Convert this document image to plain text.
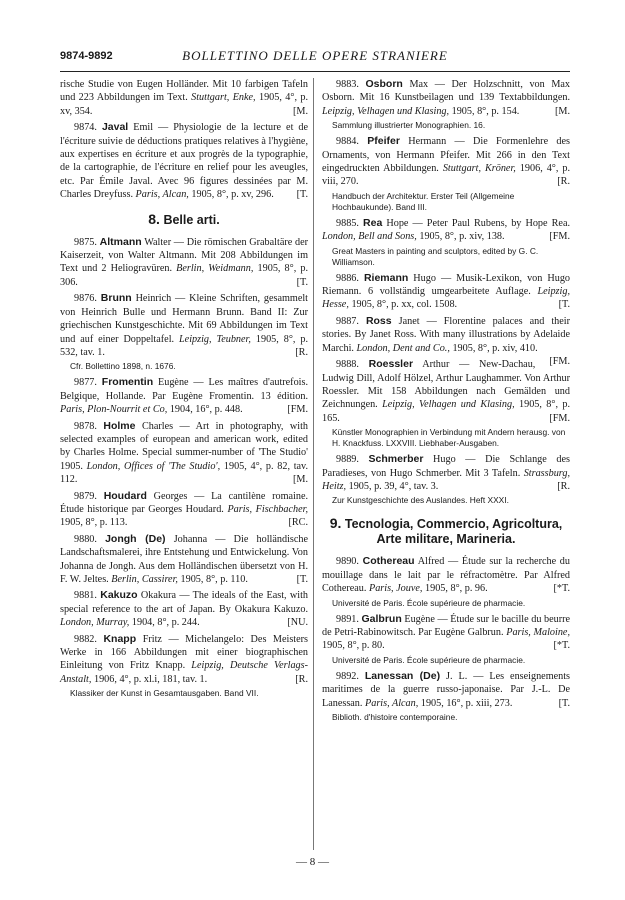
9874-9892	BOLLETTINO DELLE OPERE STRANIERE
rische Studie von Eugen Holländer. Mit 10 farbigen Tafeln und 223 Abbildungen im Text. Stuttgart, Enke, 1905, 4°, p. xv, 354.	[M.
9874. Javal Emil — Physiologie de la lecture et de l'écriture suivie de déductions pratiques relatives à l'hygiène, aux expertises en écriture et aux progrès de la typographie, de la cartographie, de l'écriture en relief pour les aveugles, etc. Par Émile Javal. Avec 96 figures dessinées par M. Charles Dreyfuss. Paris, Alcan, 1905, 8°, p. xv, 296.	[T.
8. Belle arti.
9875. Altmann Walter — Die römischen Grabaltäre der Kaiserzeit, von Walter Altmann. Mit 208 Abbildungen im Text und 2 Heliogravüren. Berlin, Weidmann, 1905, 8°, p. 306.	[T.
9876. Brunn Heinrich — Kleine Schriften, gesammelt von Heinrich Bulle und Hermann Brunn. Band II: Zur griechischen Kunstgeschichte. Mit 69 Abbildungen im Text und auf einer Doppeltafel. Leipzig, Teubner, 1905, 8°, p. 532, tav. 1.	[R.
Cfr. Bollettino 1898, n. 1676.
9877. Fromentin Eugène — Les maîtres d'autrefois. Belgique, Hollande. Par Eugène Fromentin. 13 édition. Paris, Plon-Nourrit et Co, 1904, 16°, p. 448.	[FM.
9878. Holme Charles — Art in photography, with selected examples of european and american work, edited by Charles Holme. Special summer-number of 'The Studio' 1905. London, Offices of 'The Studio', 1905, 4°, p. 82, tav. 112.	[M.
9879. Houdard Georges — La cantilène romaine. Étude historique par Georges Houdard. Paris, Fischbacher, 1905, 8°, p. 113.	[RC.
9880. Jongh (De) Johanna — Die holländische Landschaftsmalerei, ihre Entstehung und Entwickelung. Von Johanna de Jongh. Aus dem Holländischen übersetzt von H. F. W. Jeltes. Berlin, Cassirer, 1905, 8°, p. 110.	[T.
9881. Kakuzo Okakura — The ideals of the East, with special reference to the art of Japan. By Okakura Kakuzo. London, Murray, 1904, 8°, p. 244.	[NU.
9882. Knapp Fritz — Michelangelo: Des Meisters Werke in 166 Abbildungen mit einer biographischen Einleitung von Fritz Knapp. Leipzig, Deutsche Verlags-Anstalt, 1906, 4°, p. xl.i, 181, tav. 1.	[R.
Klassiker der Kunst in Gesamtausgaben. Band VII.
9883. Osborn Max — Der Holzschnitt, von Max Osborn. Mit 16 Kunstbeilagen und 139 Textabbildungen. Leipzig, Velhagen und Klasing, 1905, 8°, p. 154.	[M.
Sammlung illustrierter Monographien. 16.
9884. Pfeifer Hermann — Die Formenlehre des Ornaments, von Hermann Pfeifer. Mit 266 in den Text eingedruckten Abbildungen. Stuttgart, Kröner, 1906, 4°, p. viii, 270.	[R.
Handbuch der Architektur. Erster Teil (Allgemeine Hochbaukunde). Band III.
9885. Rea Hope — Peter Paul Rubens, by Hope Rea. London, Bell and Sons, 1905, 8°, p. xiv, 138.	[FM.
Great Masters in painting and sculptors, edited by G. C. Williamson.
9886. Riemann Hugo — Musik-Lexikon, von Hugo Riemann. 6 vollständig umgearbeitete Auflage. Leipzig, Hesse, 1905, 8°, p. xx, col. 1508.	[T.
9887. Ross Janet — Florentine palaces and their stories. By Janet Ross. With many illustrations by Adelaide Marchi. London, Dent and Co., 1905, 8°, p. xiv, 410.
[FM.
9888. Roessler Arthur — New-Dachau, Ludwig Dill, Adolf Hölzel, Arthur Laughammer. Von Arthur Roessler. Mit 158 Abbildungen nach Gemälden und Zeichnungen. Leipzig, Velhagen und Klasing, 1905, 8°, p. 165.	[FM.
Künstler Monographien in Verbindung mit Andern herausg. von H. Knackfuss. LXXVIII. Liebhaber-Ausgaben.
9889. Schmerber Hugo — Die Schlange des Paradieses, von Hugo Schmerber. Mit 3 Tafeln. Strassburg, Heitz, 1905, p. 39, 4°, tav. 3.	[R.
Zur Kunstgeschichte des Auslandes. Heft XXXI.
9. Tecnologia, Commercio, Agricoltura, Arte militare, Marineria.
9890. Cothereau Alfred — Étude sur la recherche du mouillage dans le lait par le réfractomètre. Par Alfred Cothereau. Paris, Jouve, 1905, 8°, p. 96.	[*T.
Université de Paris. École supérieure de pharmacie.
9891. Galbrun Eugène — Étude sur le bacille du beurre de Petri-Rabinowitsch. Par Eugène Galbrun. Paris, Maloine, 1905, 8°, p. 80.	[*T.
Université de Paris. École supérieure de pharmacie.
9892. Lanessan (De) J. L. — Les enseignements maritimes de la guerre russo-japonaise. Par J.-L. De Lanessan. Paris, Alcan, 1905, 16°, p. xiii, 273.	[T.
Biblioth. d'histoire contemporaine.
— 8 —
